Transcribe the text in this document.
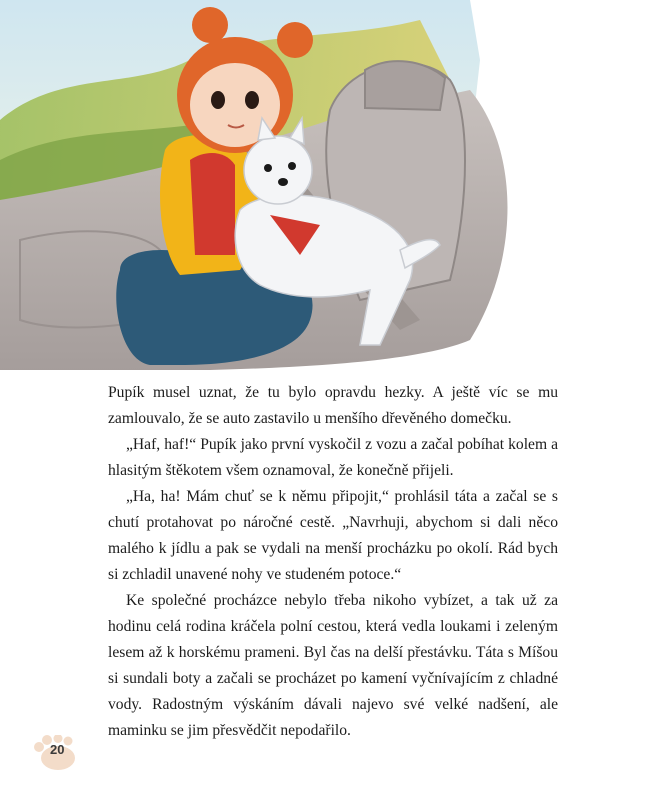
Pupík musel uznat, že tu bylo opravdu hezky. A ještě víc se mu zamlouvalo, že se auto zastavilo u menšího dřevěného domečku.

„Haf, haf!“ Pupík jako první vyskočil z vozu a začal pobíhat kolem a hlasitým štěkotem všem oznamoval, že konečně přijeli.

„Ha, ha! Mám chuť se k němu připojit,“ prohlásil táta a začal se s chutí protahovat po náročné cestě. „Navrhuji, abychom si dali něco malého k jídlu a pak se vydali na menší procházku po okolí. Rád bych si zchladil unavené nohy ve studeném potoce.“

Ke společné procházce nebylo třeba nikoho vybízet, a tak už za hodinu celá rodina kráčela polní cestou, která vedla loukami i zeleným lesem až k horskému prameni. Byl čas na delší přestávku. Táta s Míšou si sundali boty a začali se procházet po kamení vyčnívajícím z chladné vody. Radostným výskáním dávali najevo své velké nadšení, ale maminku se jim přesvědčit nepodařilo.

20
